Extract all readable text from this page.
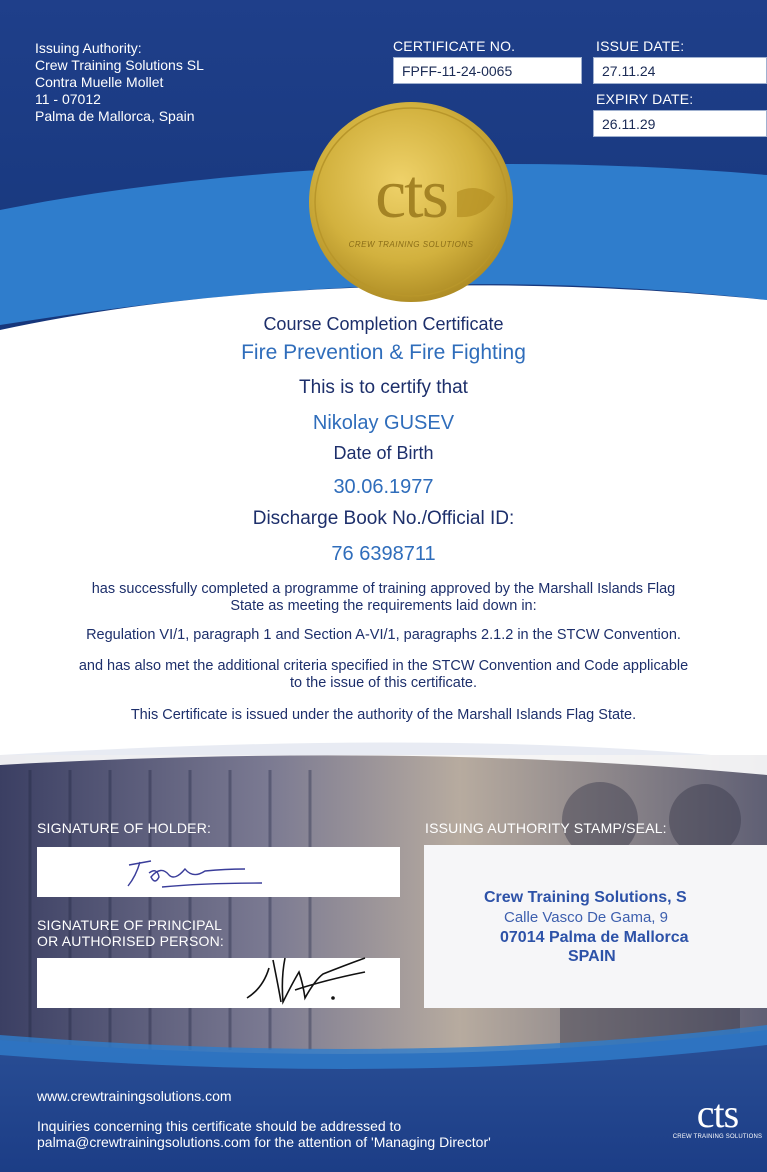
Issuing Authority:
Crew Training Solutions SL
Contra Muelle Mollet
11 - 07012
Palma de Mallorca, Spain
CERTIFICATE NO.
FPFF-11-24-0065
ISSUE DATE:
27.11.24
EXPIRY DATE:
26.11.29
cts
CREW TRAINING SOLUTIONS
Course Completion Certificate
Fire Prevention & Fire Fighting
This is to certify that
Nikolay GUSEV
Date of Birth
30.06.1977
Discharge Book No./Official ID:
76 6398711
has successfully completed a programme of training approved by the Marshall Islands Flag
State as meeting the requirements laid down in:
Regulation VI/1, paragraph 1 and Section A-VI/1, paragraphs 2.1.2 in the STCW Convention.
and has also met the additional criteria specified in the STCW Convention and Code applicable
to the issue of this certificate.
This Certificate is issued under the authority of the Marshall Islands Flag State.
SIGNATURE OF HOLDER:
SIGNATURE OF PRINCIPAL
OR AUTHORISED PERSON:
ISSUING AUTHORITY STAMP/SEAL:
Crew Training Solutions, S
Calle Vasco De Gama, 9
07014 Palma de Mallorca
SPAIN
www.crewtrainingsolutions.com
Inquiries concerning this certificate should be addressed to
palma@crewtrainingsolutions.com for the attention of 'Managing Director'
cts
CREW TRAINING SOLUTIONS
